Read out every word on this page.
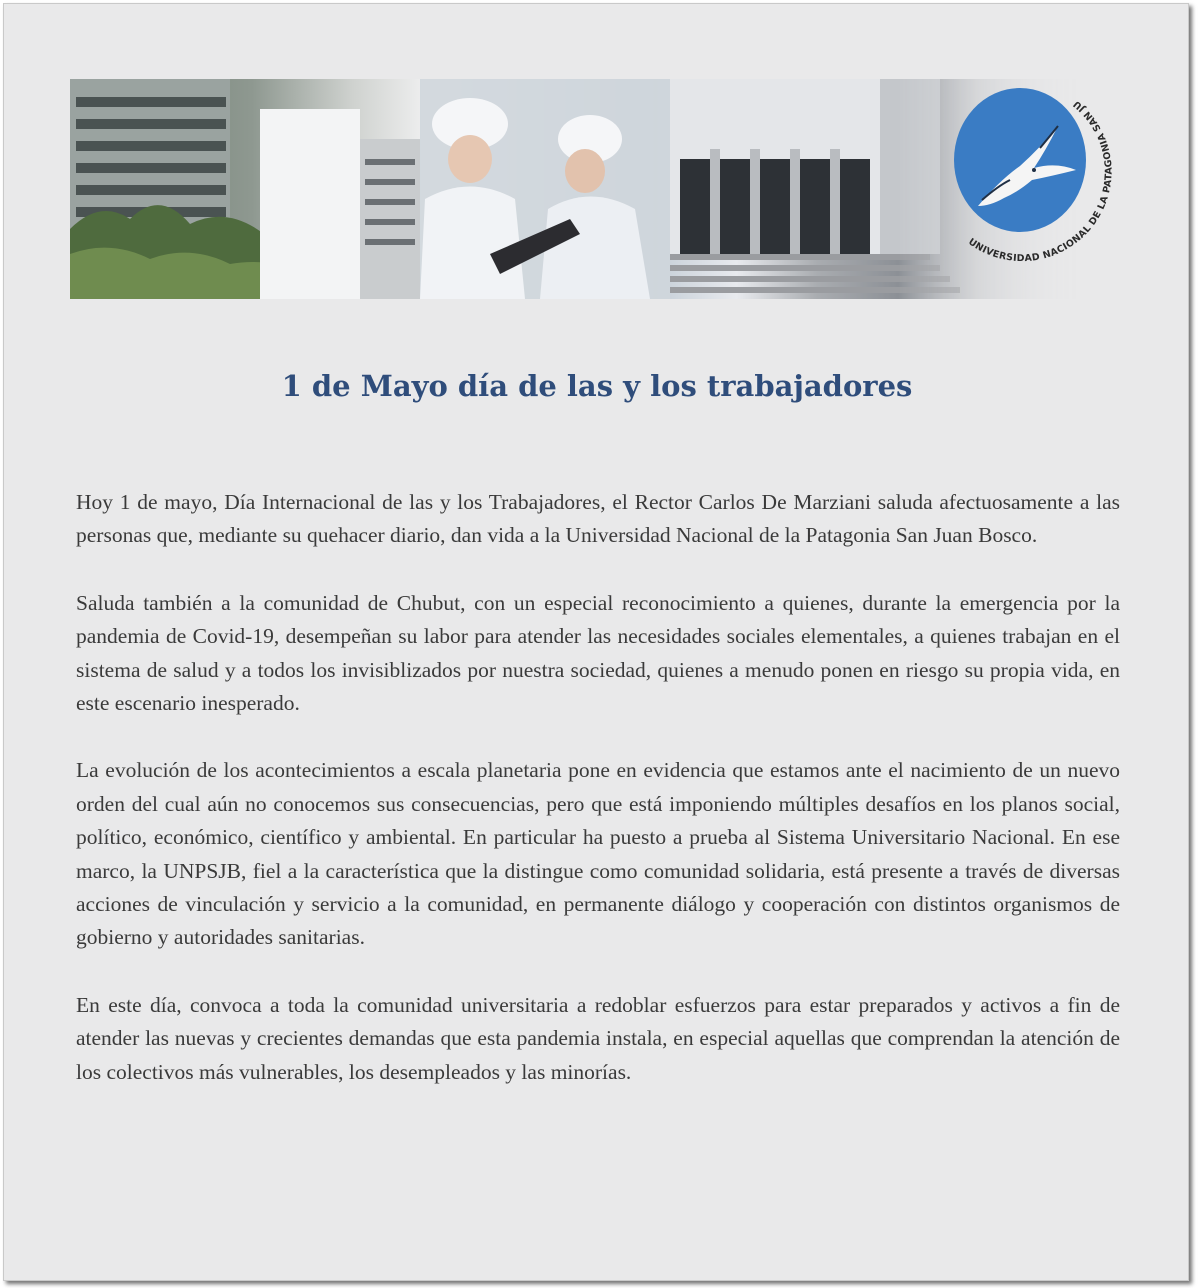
UNIVERSIDAD NACIONAL DE LA PATAGONIA SAN JU
1 de Mayo día de las y los trabajadores

Hoy 1 de mayo, Día Internacional de las y los Trabajadores, el Rector Carlos De Marziani saluda afectuosamente a las personas que, mediante su quehacer diario, dan vida a la Universidad Nacional de la Patagonia San Juan Bosco.

Saluda también a la comunidad de Chubut, con un especial reconocimiento a quienes, durante la emergencia por la pandemia de Covid-19, desempeñan su labor para atender las necesidades sociales elementales, a quienes trabajan en el sistema de salud y a todos los invisiblizados por nuestra sociedad, quienes a menudo ponen en riesgo su propia vida, en este escenario inesperado.

La evolución de los acontecimientos a escala planetaria pone en evidencia que estamos ante el nacimiento de un nuevo orden del cual aún no conocemos sus consecuencias, pero que está imponiendo múltiples desafíos en los planos social, político, económico, científico y ambiental. En particular ha puesto a prueba al Sistema Universitario Nacional. En ese marco, la UNPSJB, fiel a la característica que la distingue como comunidad solidaria, está presente a través de diversas acciones de vinculación y servicio a la comunidad, en permanente diálogo y cooperación con distintos organismos de gobierno y autoridades sanitarias.

En este día, convoca a toda la comunidad universitaria a redoblar esfuerzos para estar preparados y activos a fin de atender las nuevas y crecientes demandas que esta pandemia instala, en especial aquellas que comprendan la atención de los colectivos más vulnerables, los desempleados y las minorías.
